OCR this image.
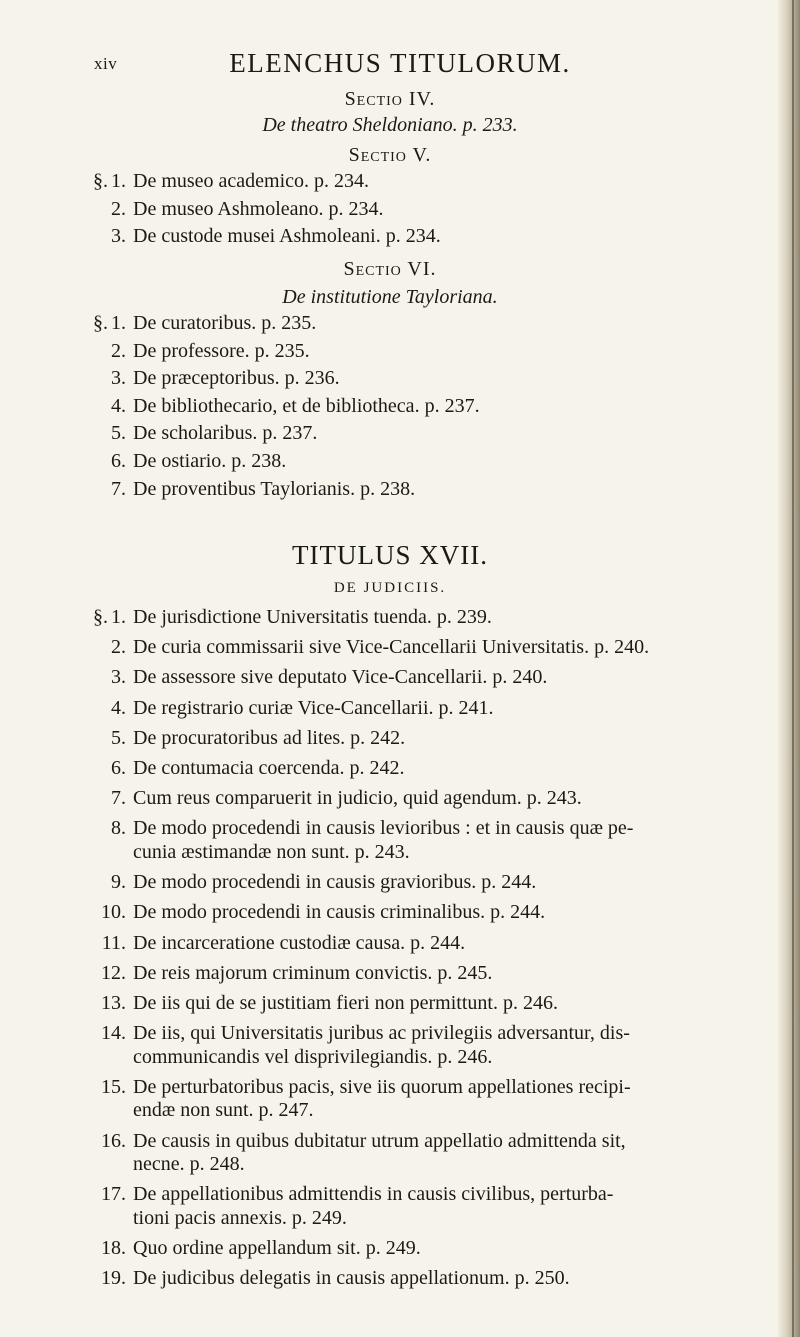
xiv	ELENCHUS TITULORUM.
Sectio IV.
De theatro Sheldoniano. p. 233.
Sectio V.
§. 1. De museo academico. p. 234.
2. De museo Ashmoleano. p. 234.
3. De custode musei Ashmoleani. p. 234.
Sectio VI.
De institutione Tayloriana.
§. 1. De curatoribus. p. 235.
2. De professore. p. 235.
3. De præceptoribus. p. 236.
4. De bibliothecario, et de bibliotheca. p. 237.
5. De scholaribus. p. 237.
6. De ostiario. p. 238.
7. De proventibus Taylorianis. p. 238.
TITULUS XVII.
DE JUDICIIS.
§. 1. De jurisdictione Universitatis tuenda. p. 239.
2. De curia commissarii sive Vice-Cancellarii Universitatis. p. 240.
3. De assessore sive deputato Vice-Cancellarii. p. 240.
4. De registrario curiæ Vice-Cancellarii. p. 241.
5. De procuratoribus ad lites. p. 242.
6. De contumacia coercenda. p. 242.
7. Cum reus comparuerit in judicio, quid agendum. p. 243.
8. De modo procedendi in causis levioribus : et in causis quæ pe-
cunia æstimandæ non sunt. p. 243.
9. De modo procedendi in causis gravioribus. p. 244.
10. De modo procedendi in causis criminalibus. p. 244.
11. De incarceratione custodiæ causa. p. 244.
12. De reis majorum criminum convictis. p. 245.
13. De iis qui de se justitiam fieri non permittunt. p. 246.
14. De iis, qui Universitatis juribus ac privilegiis adversantur, dis-
communicandis vel disprivilegiandis. p. 246.
15. De perturbatoribus pacis, sive iis quorum appellationes recipi-
endæ non sunt. p. 247.
16. De causis in quibus dubitatur utrum appellatio admittenda sit,
necne. p. 248.
17. De appellationibus admittendis in causis civilibus, perturba-
tioni pacis annexis. p. 249.
18. Quo ordine appellandum sit. p. 249.
19. De judicibus delegatis in causis appellationum. p. 250.
